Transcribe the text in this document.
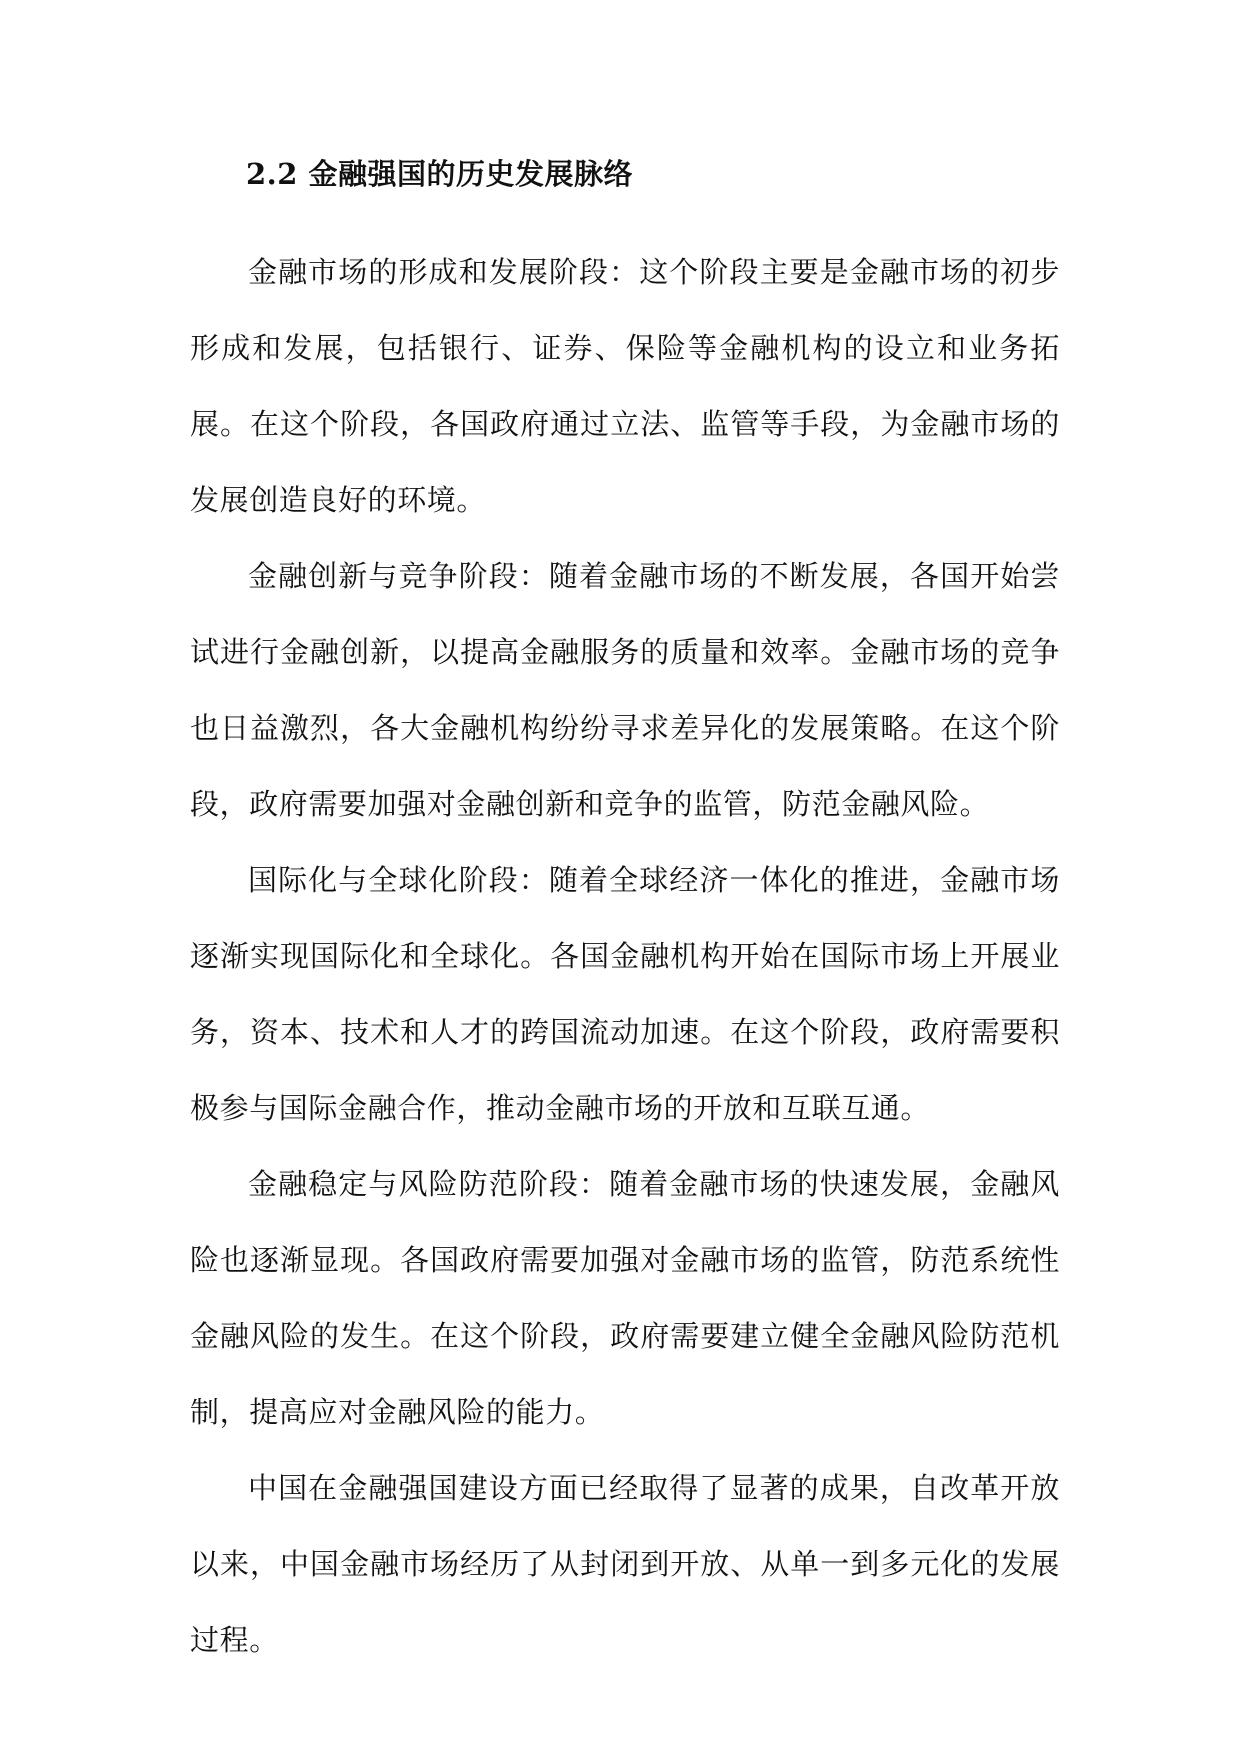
2.2 金融强国的历史发展脉络

金融市场的形成和发展阶段：这个阶段主要是金融市场的初步形成和发展，包括银行、证券、保险等金融机构的设立和业务拓展。在这个阶段，各国政府通过立法、监管等手段，为金融市场的发展创造良好的环境。

金融创新与竞争阶段：随着金融市场的不断发展，各国开始尝试进行金融创新，以提高金融服务的质量和效率。金融市场的竞争也日益激烈，各大金融机构纷纷寻求差异化的发展策略。在这个阶段，政府需要加强对金融创新和竞争的监管，防范金融风险。

国际化与全球化阶段：随着全球经济一体化的推进，金融市场逐渐实现国际化和全球化。各国金融机构开始在国际市场上开展业务，资本、技术和人才的跨国流动加速。在这个阶段，政府需要积极参与国际金融合作，推动金融市场的开放和互联互通。

金融稳定与风险防范阶段：随着金融市场的快速发展，金融风险也逐渐显现。各国政府需要加强对金融市场的监管，防范系统性金融风险的发生。在这个阶段，政府需要建立健全金融风险防范机制，提高应对金融风险的能力。

中国在金融强国建设方面已经取得了显著的成果，自改革开放以来，中国金融市场经历了从封闭到开放、从单一到多元化的发展过程。
